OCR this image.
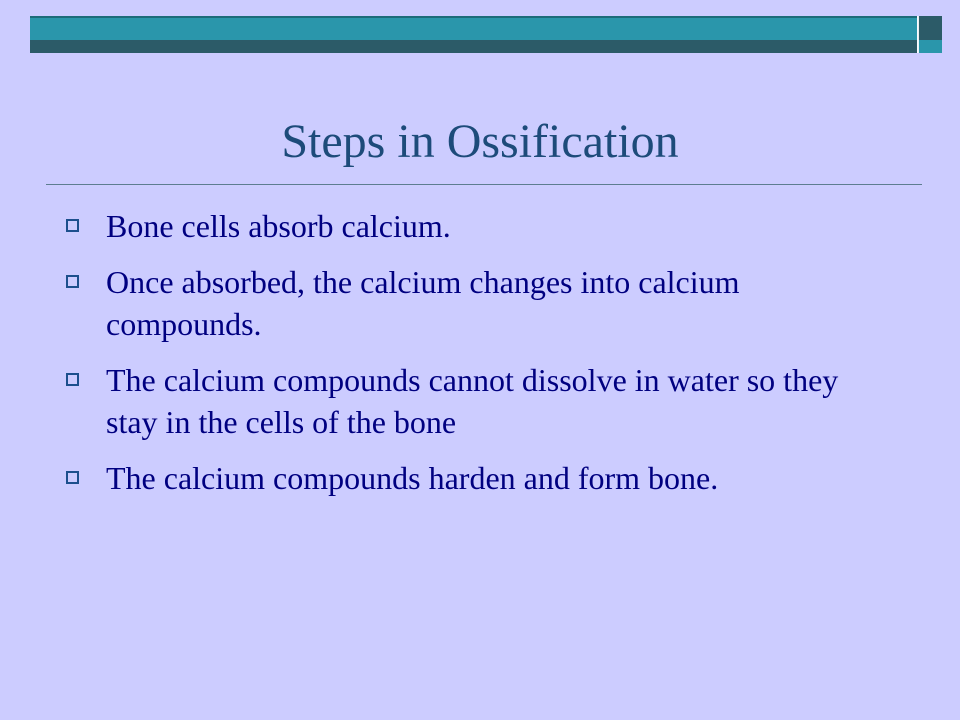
Steps in Ossification
Bone cells absorb calcium.
Once absorbed, the calcium changes into calcium compounds.
The calcium compounds cannot dissolve in water so they stay in the cells of the bone
The calcium compounds harden and form bone.
